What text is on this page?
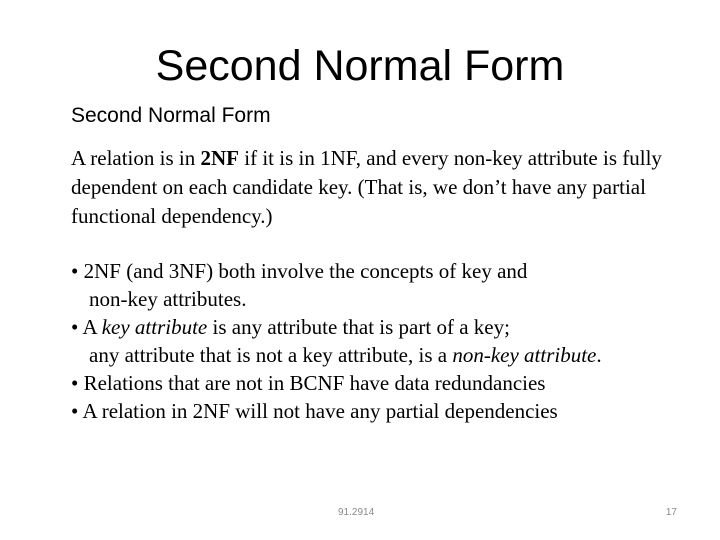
Second Normal Form
Second Normal Form

A relation is in 2NF if it is in 1NF, and every non-key attribute is fully dependent on each candidate key. (That is, we don’t have any partial functional dependency.)

• 2NF (and 3NF) both involve the concepts of key and
non-key attributes.
• A key attribute is any attribute that is part of a key;
any attribute that is not a key attribute, is a non-key attribute.
• Relations that are not in BCNF have data redundancies
• A relation in 2NF will not have any partial dependencies
91.2914	17
